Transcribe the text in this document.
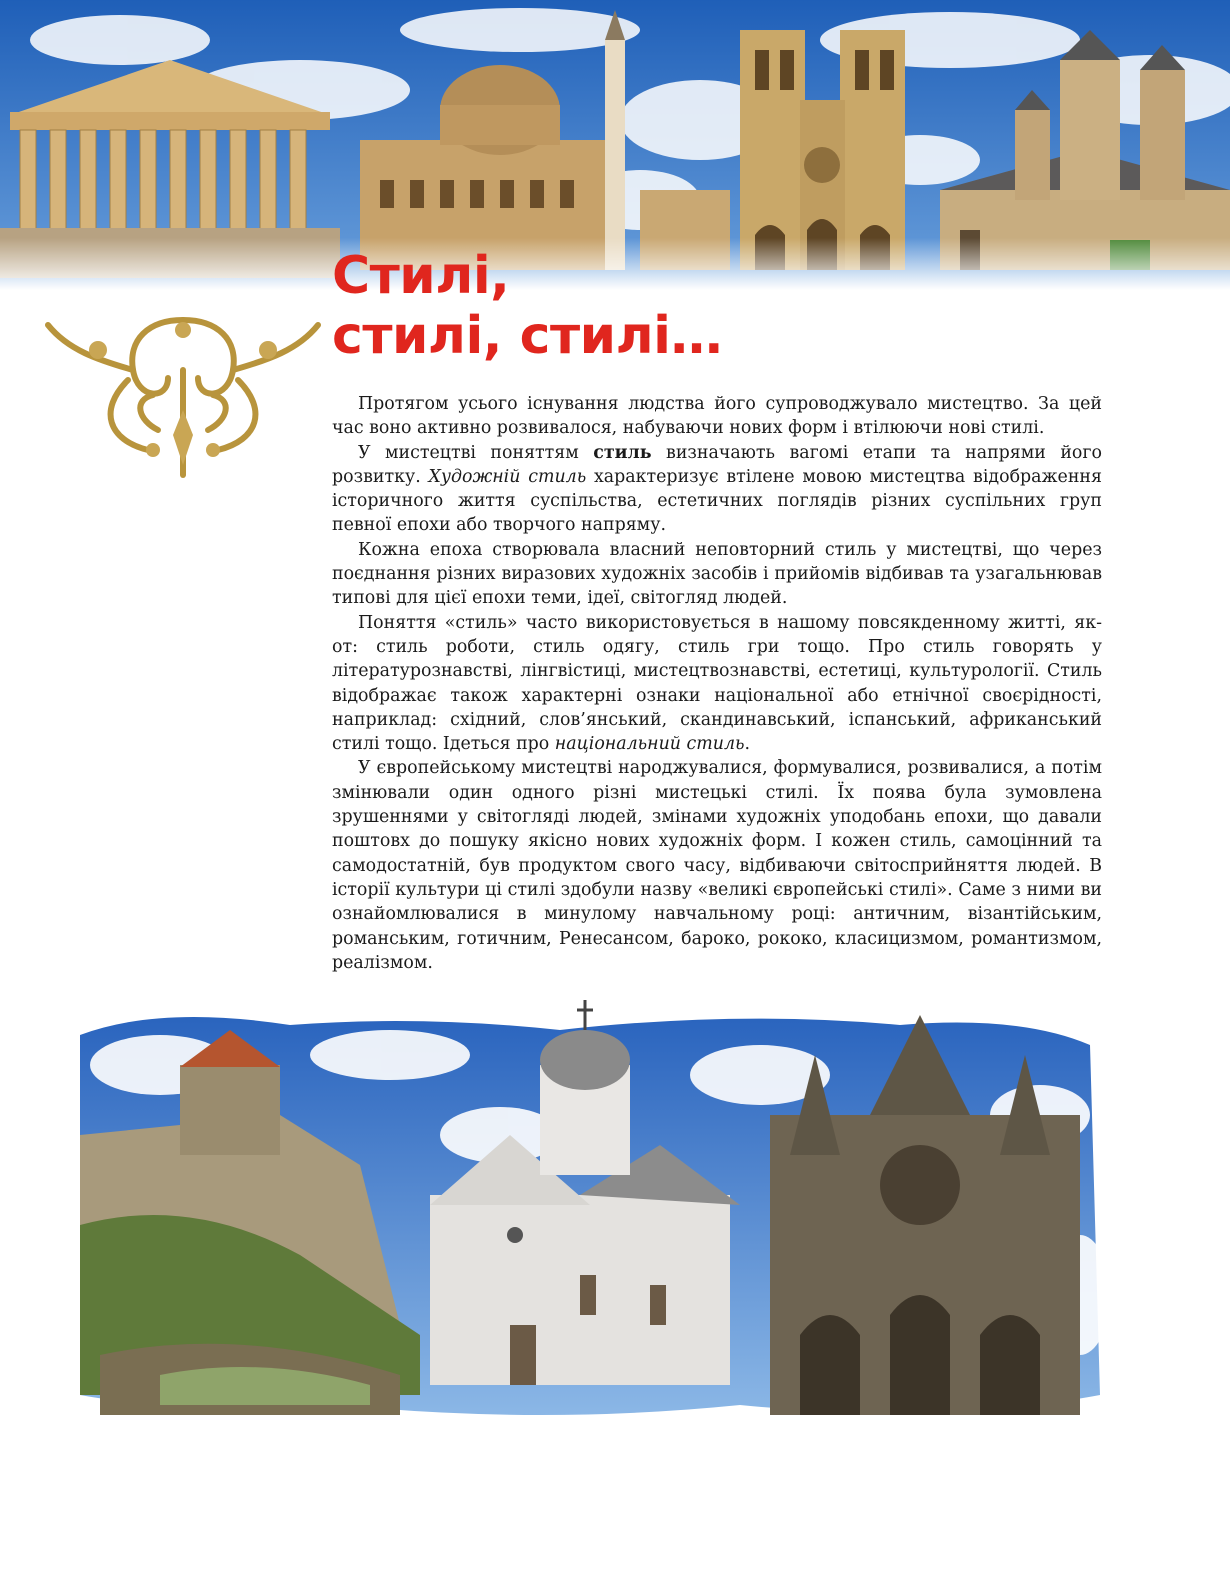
Стилі,
стилі, стилі…

Протягом усього існування людства його супроводжувало мистецтво. За цей час воно активно розвивалося, набуваючи нових форм і втілюючи нові стилі.

У мистецтві поняттям стиль визначають вагомі етапи та напрями його розвитку. Художній стиль характеризує втілене мовою мистецтва відображення історичного життя суспільства, естетичних поглядів різних суспільних груп певної епохи або творчого напряму.

Кожна епоха створювала власний неповторний стиль у мистецтві, що через поєднання різних виразових художніх засобів і прийомів відбивав та узагальнював типові для цієї епохи теми, ідеї, світогляд людей.

Поняття «стиль» часто використовується в нашому повсякденному житті, як-от: стиль роботи, стиль одягу, стиль гри тощо. Про стиль говорять у літературознавстві, лінгвістиці, мистецтвознавстві, естетиці, культурології. Стиль відображає також характерні ознаки національної або етнічної своєрідності, наприклад: східний, слов’янський, скандинавський, іспанський, африканський стилі тощо. Ідеться про національний стиль.

У європейському мистецтві народжувалися, формувалися, розвивалися, а потім змінювали один одного різні мистецькі стилі. Їх поява була зумовлена зрушеннями у світогляді людей, змінами художніх уподобань епохи, що давали поштовх до пошуку якісно нових художніх форм. І кожен стиль, самоцінний та самодостатній, був продуктом свого часу, відбиваючи світосприйняття людей. В історії культури ці стилі здобули назву «великі європейські стилі». Саме з ними ви ознайомлювалися в минулому навчальному році: античним, візантійським, романським, готичним, Ренесансом, бароко, рококо, класицизмом, романтизмом, реалізмом.
